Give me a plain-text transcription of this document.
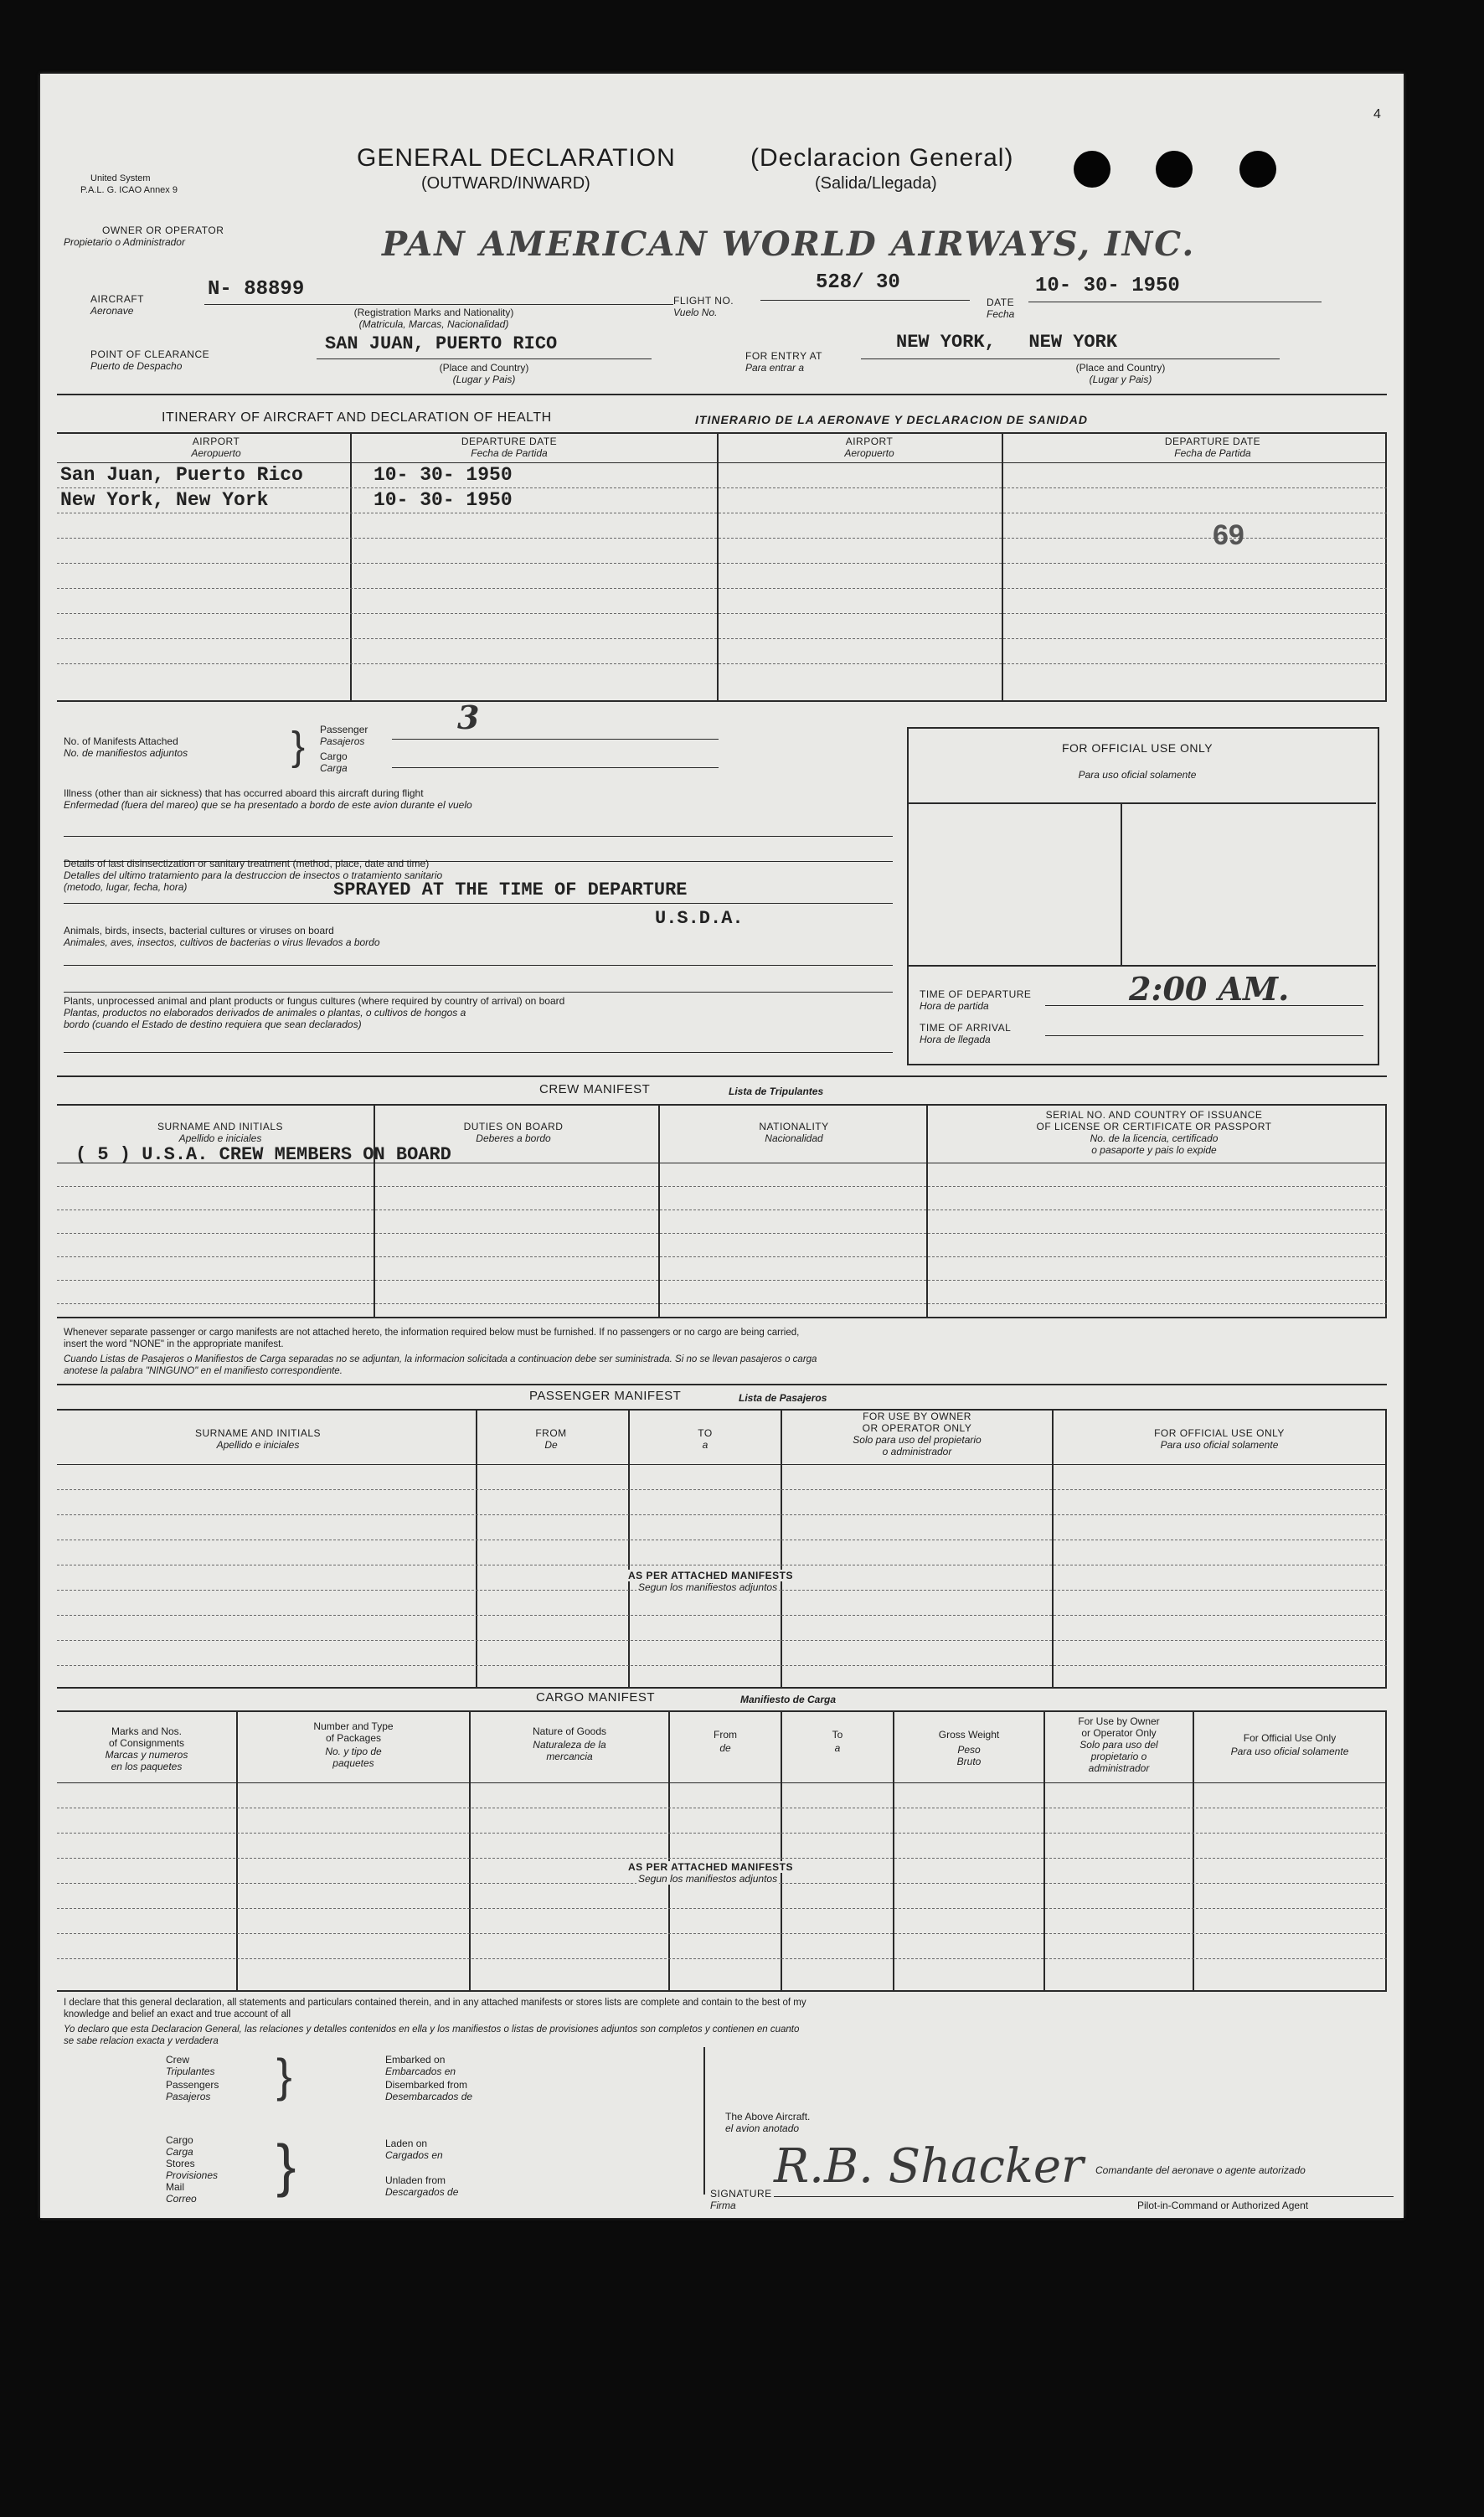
United System
P.A.L. G. ICAO Annex 9
GENERAL DECLARATION
(OUTWARD/INWARD)
(Declaracion General)
(Salida/Llegada)
4
OWNER OR OPERATOR
Propietario o Administrador	PAN AMERICAN WORLD AIRWAYS, INC.
AIRCRAFT
Aeronave
N- 88899
(Registration Marks and Nationality)
(Matricula, Marcas, Nacionalidad)
FLIGHT NO.
Vuelo No.
528/ 30
DATE
Fecha
10- 30- 1950
POINT OF CLEARANCE
Puerto de Despacho
SAN JUAN, PUERTO RICO
(Place and Country)
(Lugar y Pais)
FOR ENTRY AT
Para entrar a
NEW YORK,   NEW YORK
(Place and Country)
(Lugar y Pais)
ITINERARY OF AIRCRAFT AND DECLARATION OF HEALTH	ITINERARIO DE LA AERONAVE Y DECLARACION DE SANIDAD
AIRPORT
Aeropuerto
DEPARTURE DATE
Fecha de Partida
AIRPORT
Aeropuerto
DEPARTURE DATE
Fecha de Partida
San Juan, Puerto Rico	10- 30- 1950
New York, New York	10- 30- 1950
69
No. of Manifests Attached
No. de manifiestos adjuntos	} Passenger
Pasajeros
Cargo
Carga
3
FOR OFFICIAL USE ONLY
Para uso oficial solamente
TIME OF DEPARTURE
Hora de partida	2:00 AM.
TIME OF ARRIVAL
Hora de llegada
Illness (other than air sickness) that has occurred aboard this aircraft during flight
Enfermedad (fuera del mareo) que se ha presentado a bordo de este avion durante el vuelo
Details of last disinsectization or sanitary treatment (method, place, date and time)
Detalles del ultimo tratamiento para la destruccion de insectos o tratamiento sanitario
(metodo, lugar, fecha, hora)	SPRAYED AT THE TIME OF DEPARTURE
Animals, birds, insects, bacterial cultures or viruses on board
Animales, aves, insectos, cultivos de bacterias o virus llevados a bordo
U.S.D.A.
Plants, unprocessed animal and plant products or fungus cultures (where required by country of arrival) on board
Plantas, productos no elaborados derivados de animales o plantas, o cultivos de hongos a
bordo (cuando el Estado de destino requiera que sean declarados)
CREW MANIFEST	Lista de Tripulantes
SURNAME AND INITIALS
Apellido e iniciales
DUTIES ON BOARD
Deberes a bordo
NATIONALITY
Nacionalidad
SERIAL NO. AND COUNTRY OF ISSUANCE
OF LICENSE OR CERTIFICATE OR PASSPORT
No. de la licencia, certificado
o pasaporte y pais lo expide
( 5 ) U.S.A. CREW MEMBERS ON BOARD
Whenever separate passenger or cargo manifests are not attached hereto, the information required below must be furnished. If no passengers or no cargo are being carried,
insert the word "NONE" in the appropriate manifest.
Cuando Listas de Pasajeros o Manifiestos de Carga separadas no se adjuntan, la informacion solicitada a continuacion debe ser suministrada. Si no se llevan pasajeros o carga
anotese la palabra "NINGUNO" en el manifiesto correspondiente.
PASSENGER MANIFEST	Lista de Pasajeros
SURNAME AND INITIALS
Apellido e iniciales
FROM
De
TO
a
FOR USE BY OWNER
OR OPERATOR ONLY
Solo para uso del propietario
o administrador
FOR OFFICIAL USE ONLY
Para uso oficial solamente
AS PER ATTACHED MANIFESTS
Segun los manifiestos adjuntos
CARGO MANIFEST	Manifiesto de Carga
Marks and Nos.
of Consignments
Marcas y numeros
en los paquetes
Number and Type
of Packages
No. y tipo de
paquetes
Nature of Goods
Naturaleza de la
mercancia
From
de
To
a
Gross Weight
Peso
Bruto
For Use by Owner
or Operator Only
Solo para uso del
propietario o
administrador
For Official Use Only
Para uso oficial solamente
AS PER ATTACHED MANIFESTS
Segun los manifiestos adjuntos
I declare that this general declaration, all statements and particulars contained therein, and in any attached manifests or stores lists are complete and contain to the best of my
knowledge and belief an exact and true account of all
Yo declaro que esta Declaracion General, las relaciones y detalles contenidos en ella y los manifiestos o listas de provisiones adjuntos son completos y contienen en cuanto
se sabe relacion exacta y verdadera
Crew
Tripulantes
Passengers
Pasajeros }	Embarked on
Embarcados en
Disembarked from
Desembarcados de
Cargo
Carga
Stores
Provisiones
Mail
Correo
}	Laden on
Cargados en
Unladen from
Descargados de
The Above Aircraft.
el avion anotado
SIGNATURE
Firma
R.B. Shacker Comandante del aeronave o agente autorizado
Pilot-in-Command or Authorized Agent
